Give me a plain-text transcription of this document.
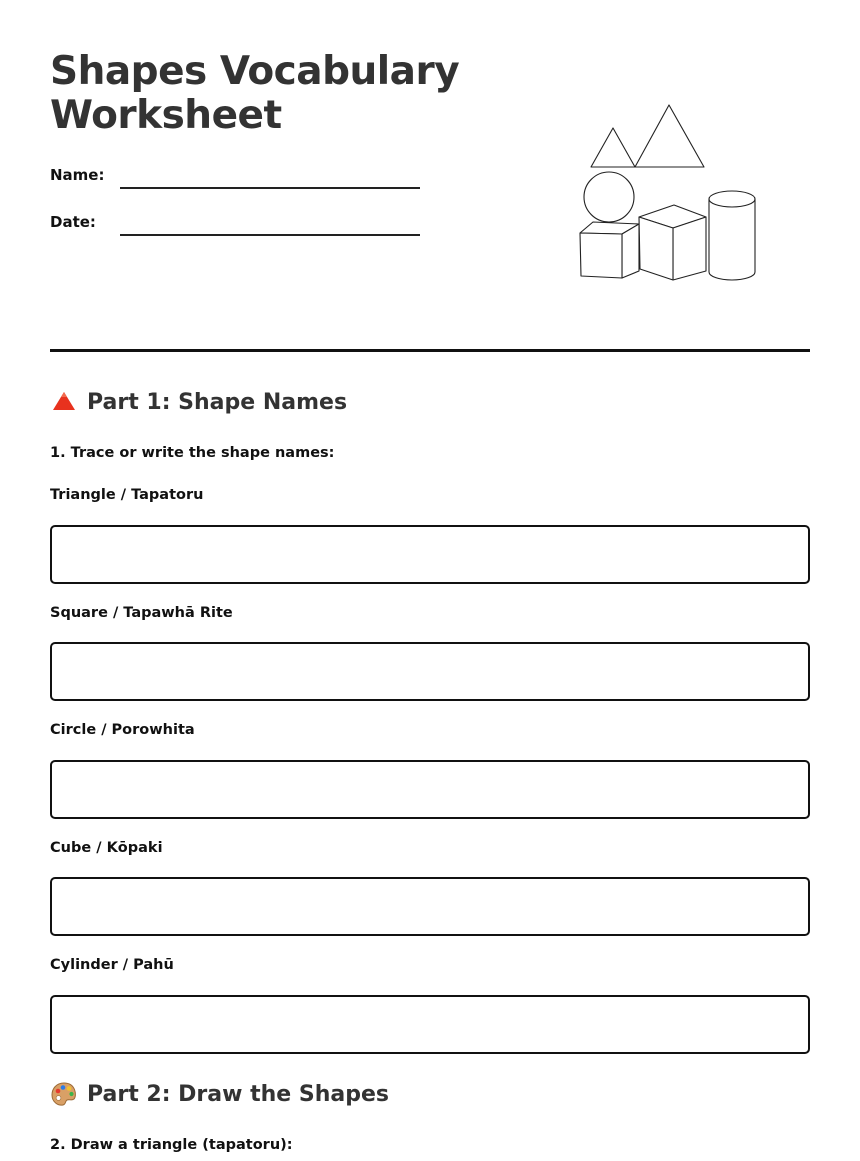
Shapes Vocabulary Worksheet
Name:
Date:
Part 1: Shape Names
1. Trace or write the shape names:
Triangle / Tapatoru
Square / Tapawhā Rite
Circle / Porowhita
Cube / Kōpaki
Cylinder / Pahū
Part 2: Draw the Shapes
2. Draw a triangle (tapatoru):
